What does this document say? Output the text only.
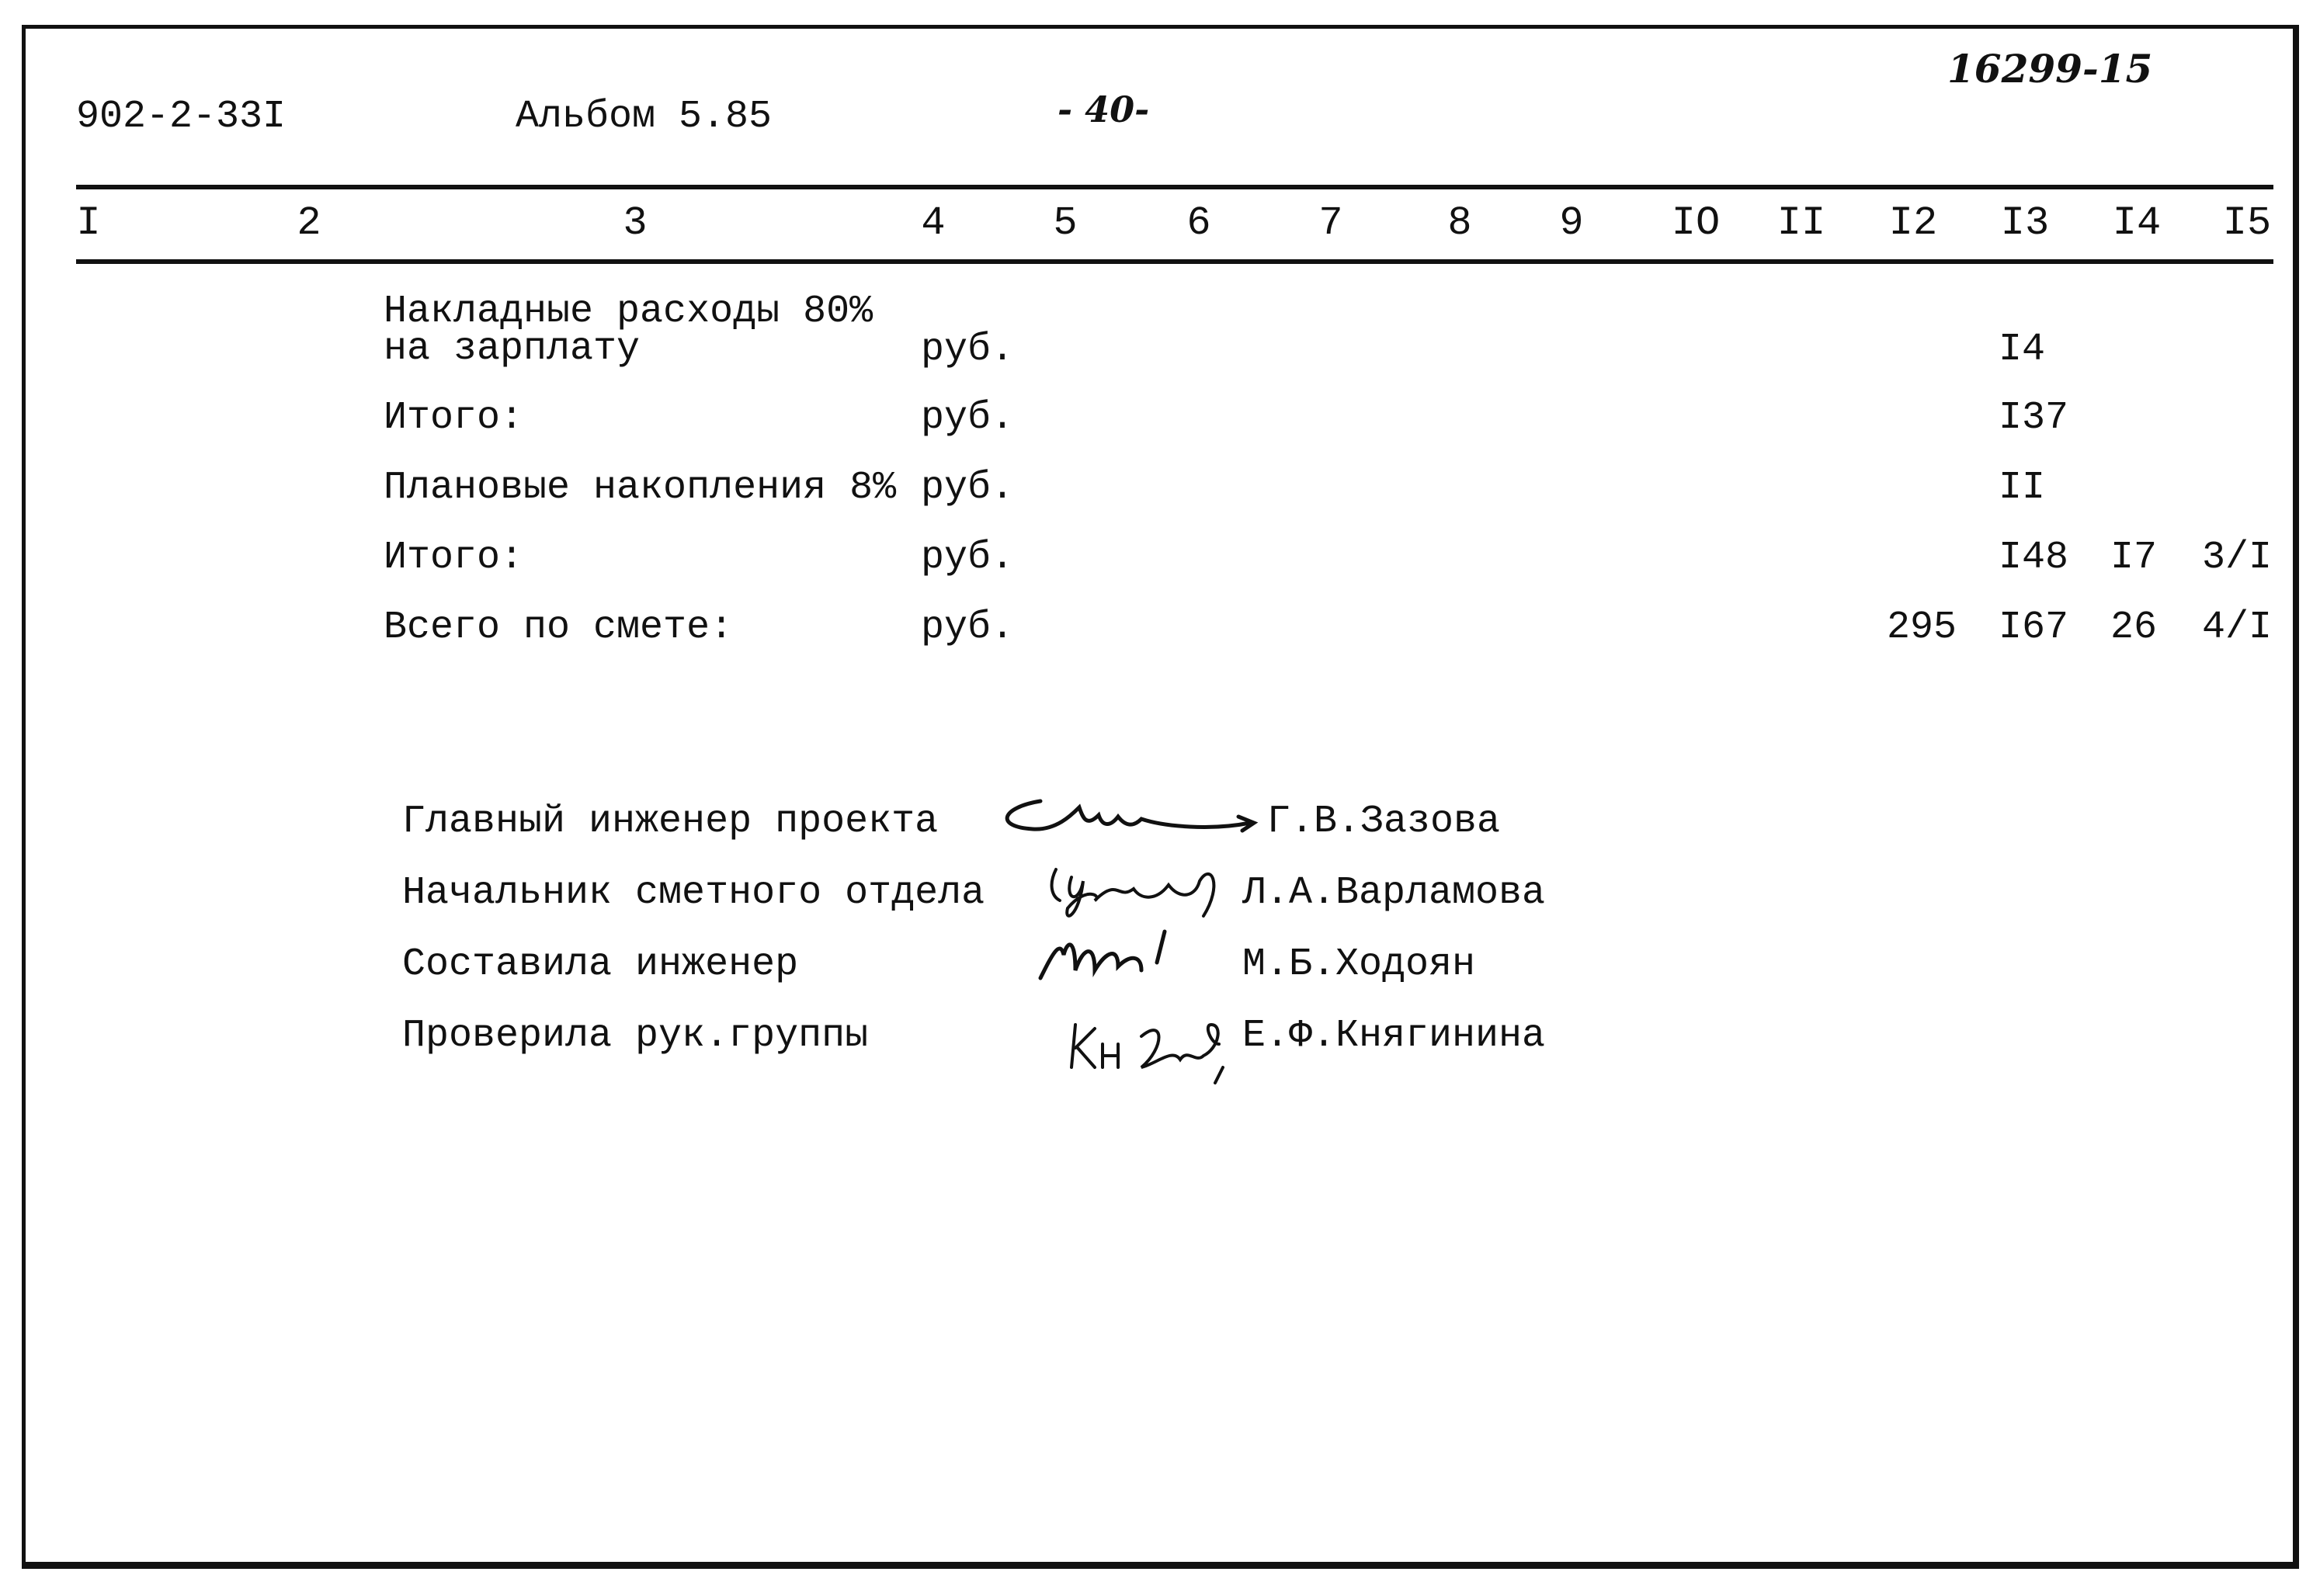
902-2-33I	Альбом 5.85	- 40-
16299-15
I	2	3	4	5	6	7	8 9 IO II I2 I3 I4 I5
Накладные расходы 80%
на зарплату	руб.	I4
Итого:	руб.	I37
Плановые накопления 8% руб.	II
Итого:	руб.	I48 I7 3/I
Всего по смете:	руб.	295 I67 26 4/I
Главный инженер проекта	Г.В.Зазова
Начальник сметного отдела	Л.А.Варламова
Составила инженер	М.Б.Ходоян
Проверила рук.группы	Е.Ф.Княгинина
